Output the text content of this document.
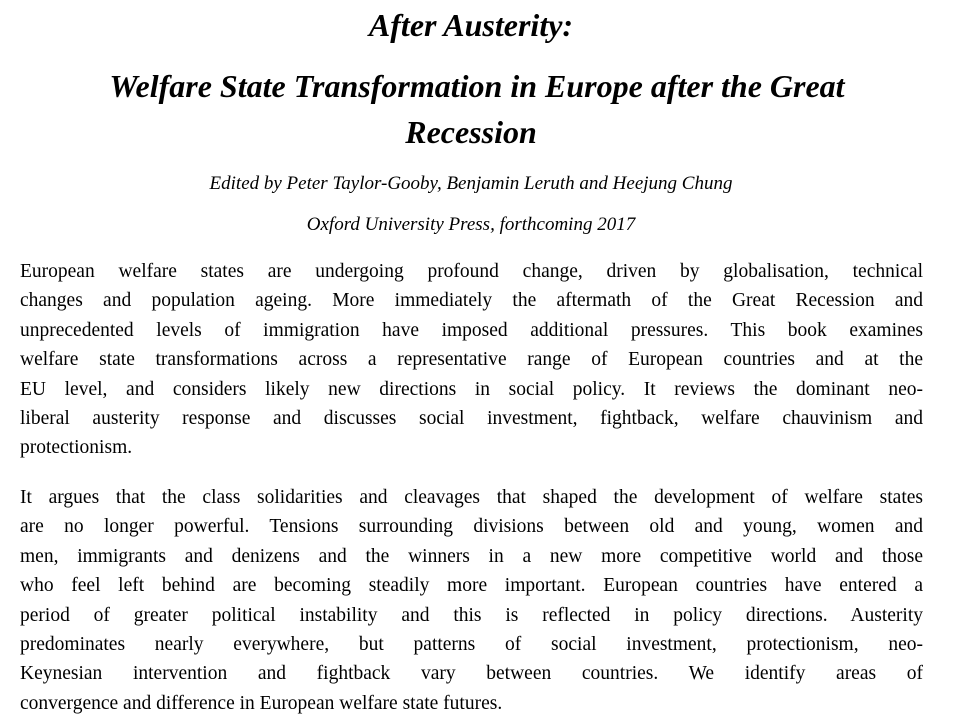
After Austerity:
Welfare State Transformation in Europe after the Great
Recession

Edited by Peter Taylor-Gooby, Benjamin Leruth and Heejung Chung

Oxford University Press, forthcoming 2017

European welfare states are undergoing profound change, driven by globalisation, technical
changes and population ageing. More immediately the aftermath of the Great Recession and
unprecedented levels of immigration have imposed additional pressures. This book examines
welfare state transformations across a representative range of European countries and at the
EU level, and considers likely new directions in social policy. It reviews the dominant neo-
liberal austerity response and discusses social investment, fightback, welfare chauvinism and
protectionism.
It argues that the class solidarities and cleavages that shaped the development of welfare states
are no longer powerful. Tensions surrounding divisions between old and young, women and
men, immigrants and denizens and the winners in a new more competitive world and those
who feel left behind are becoming steadily more important. European countries have entered a
period of greater political instability and this is reflected in policy directions. Austerity
predominates nearly everywhere, but patterns of social investment, protectionism, neo-
Keynesian intervention and fightback vary between countries. We identify areas of
convergence and difference in European welfare state futures.
